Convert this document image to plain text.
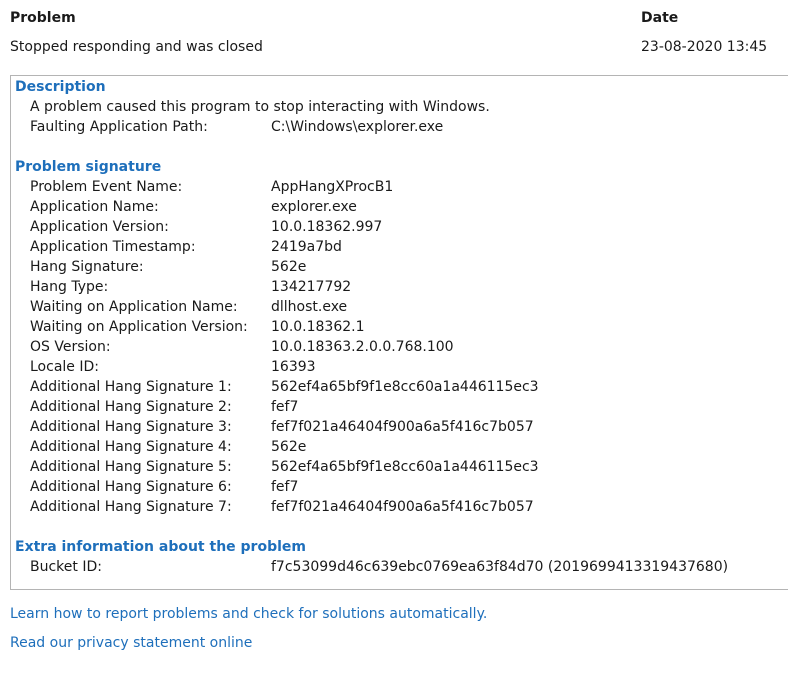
Problem	Date
Stopped responding and was closed	23-08-2020 13:45
Description
A problem caused this program to stop interacting with Windows.
Faulting Application Path:	C:\Windows\explorer.exe
Problem signature
Problem Event Name:	AppHangXProcB1
Application Name:	explorer.exe
Application Version:	10.0.18362.997
Application Timestamp:	2419a7bd
Hang Signature:	562e
Hang Type:	134217792
Waiting on Application Name: dllhost.exe
Waiting on Application Version: 10.0.18362.1
OS Version:	10.0.18363.2.0.0.768.100
Locale ID:	16393
Additional Hang Signature 1:	562ef4a65bf9f1e8cc60a1a446115ec3
Additional Hang Signature 2:	fef7
Additional Hang Signature 3:	fef7f021a46404f900a6a5f416c7b057
Additional Hang Signature 4:	562e
Additional Hang Signature 5:	562ef4a65bf9f1e8cc60a1a446115ec3
Additional Hang Signature 6:	fef7
Additional Hang Signature 7:	fef7f021a46404f900a6a5f416c7b057
Extra information about the problem
Bucket ID:	f7c53099d46c639ebc0769ea63f84d70 (2019699413319437680)
Learn how to report problems and check for solutions automatically.
Read our privacy statement online
